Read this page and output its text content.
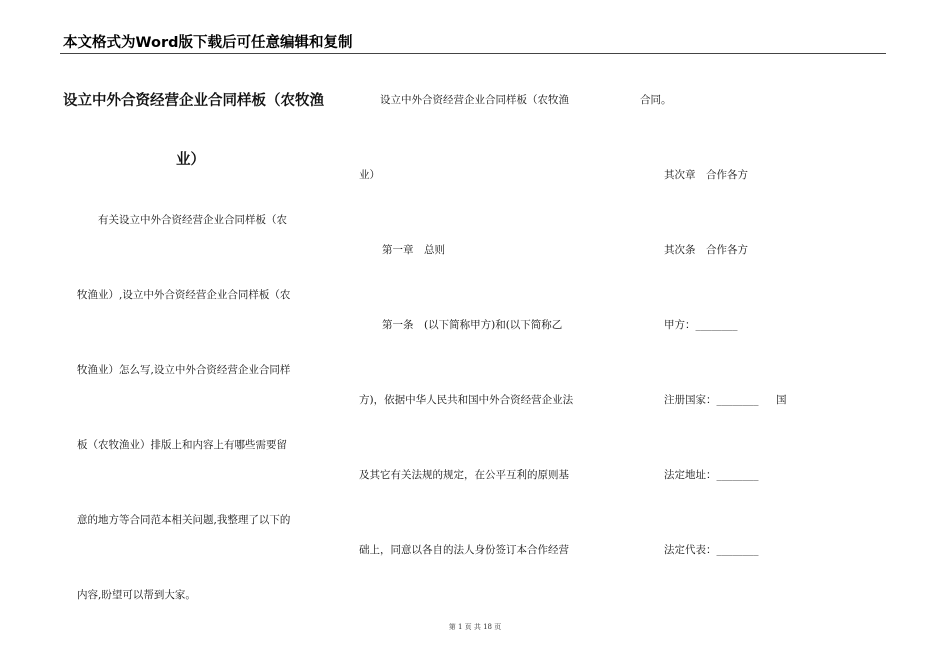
本文格式为Word版下载后可任意编辑和复制
设立中外合资经营企业合同样板（农牧渔
业）
有关设立中外合资经营企业合同样板（农
牧渔业）,设立中外合资经营企业合同样板（农
牧渔业）怎么写,设立中外合资经营企业合同样
板（农牧渔业）排版上和内容上有哪些需要留
意的地方等合同范本相关问题,我整理了以下的
内容,盼望可以帮到大家。
设立中外合资经营企业合同样板（农牧渔	合同。
业）
第一章　总则
第一条　(以下简称甲方)和(以下简称乙
方)，依据中华人民共和国中外合资经营企业法
及其它有关法规的规定，在公平互利的原则基
础上，同意以各自的法人身份签订本合作经营
其次章　合作各方
其次条　合作各方
甲方：________
注册国家：________ 国
法定地址：________
法定代表：________
第 1 页 共 18 页
